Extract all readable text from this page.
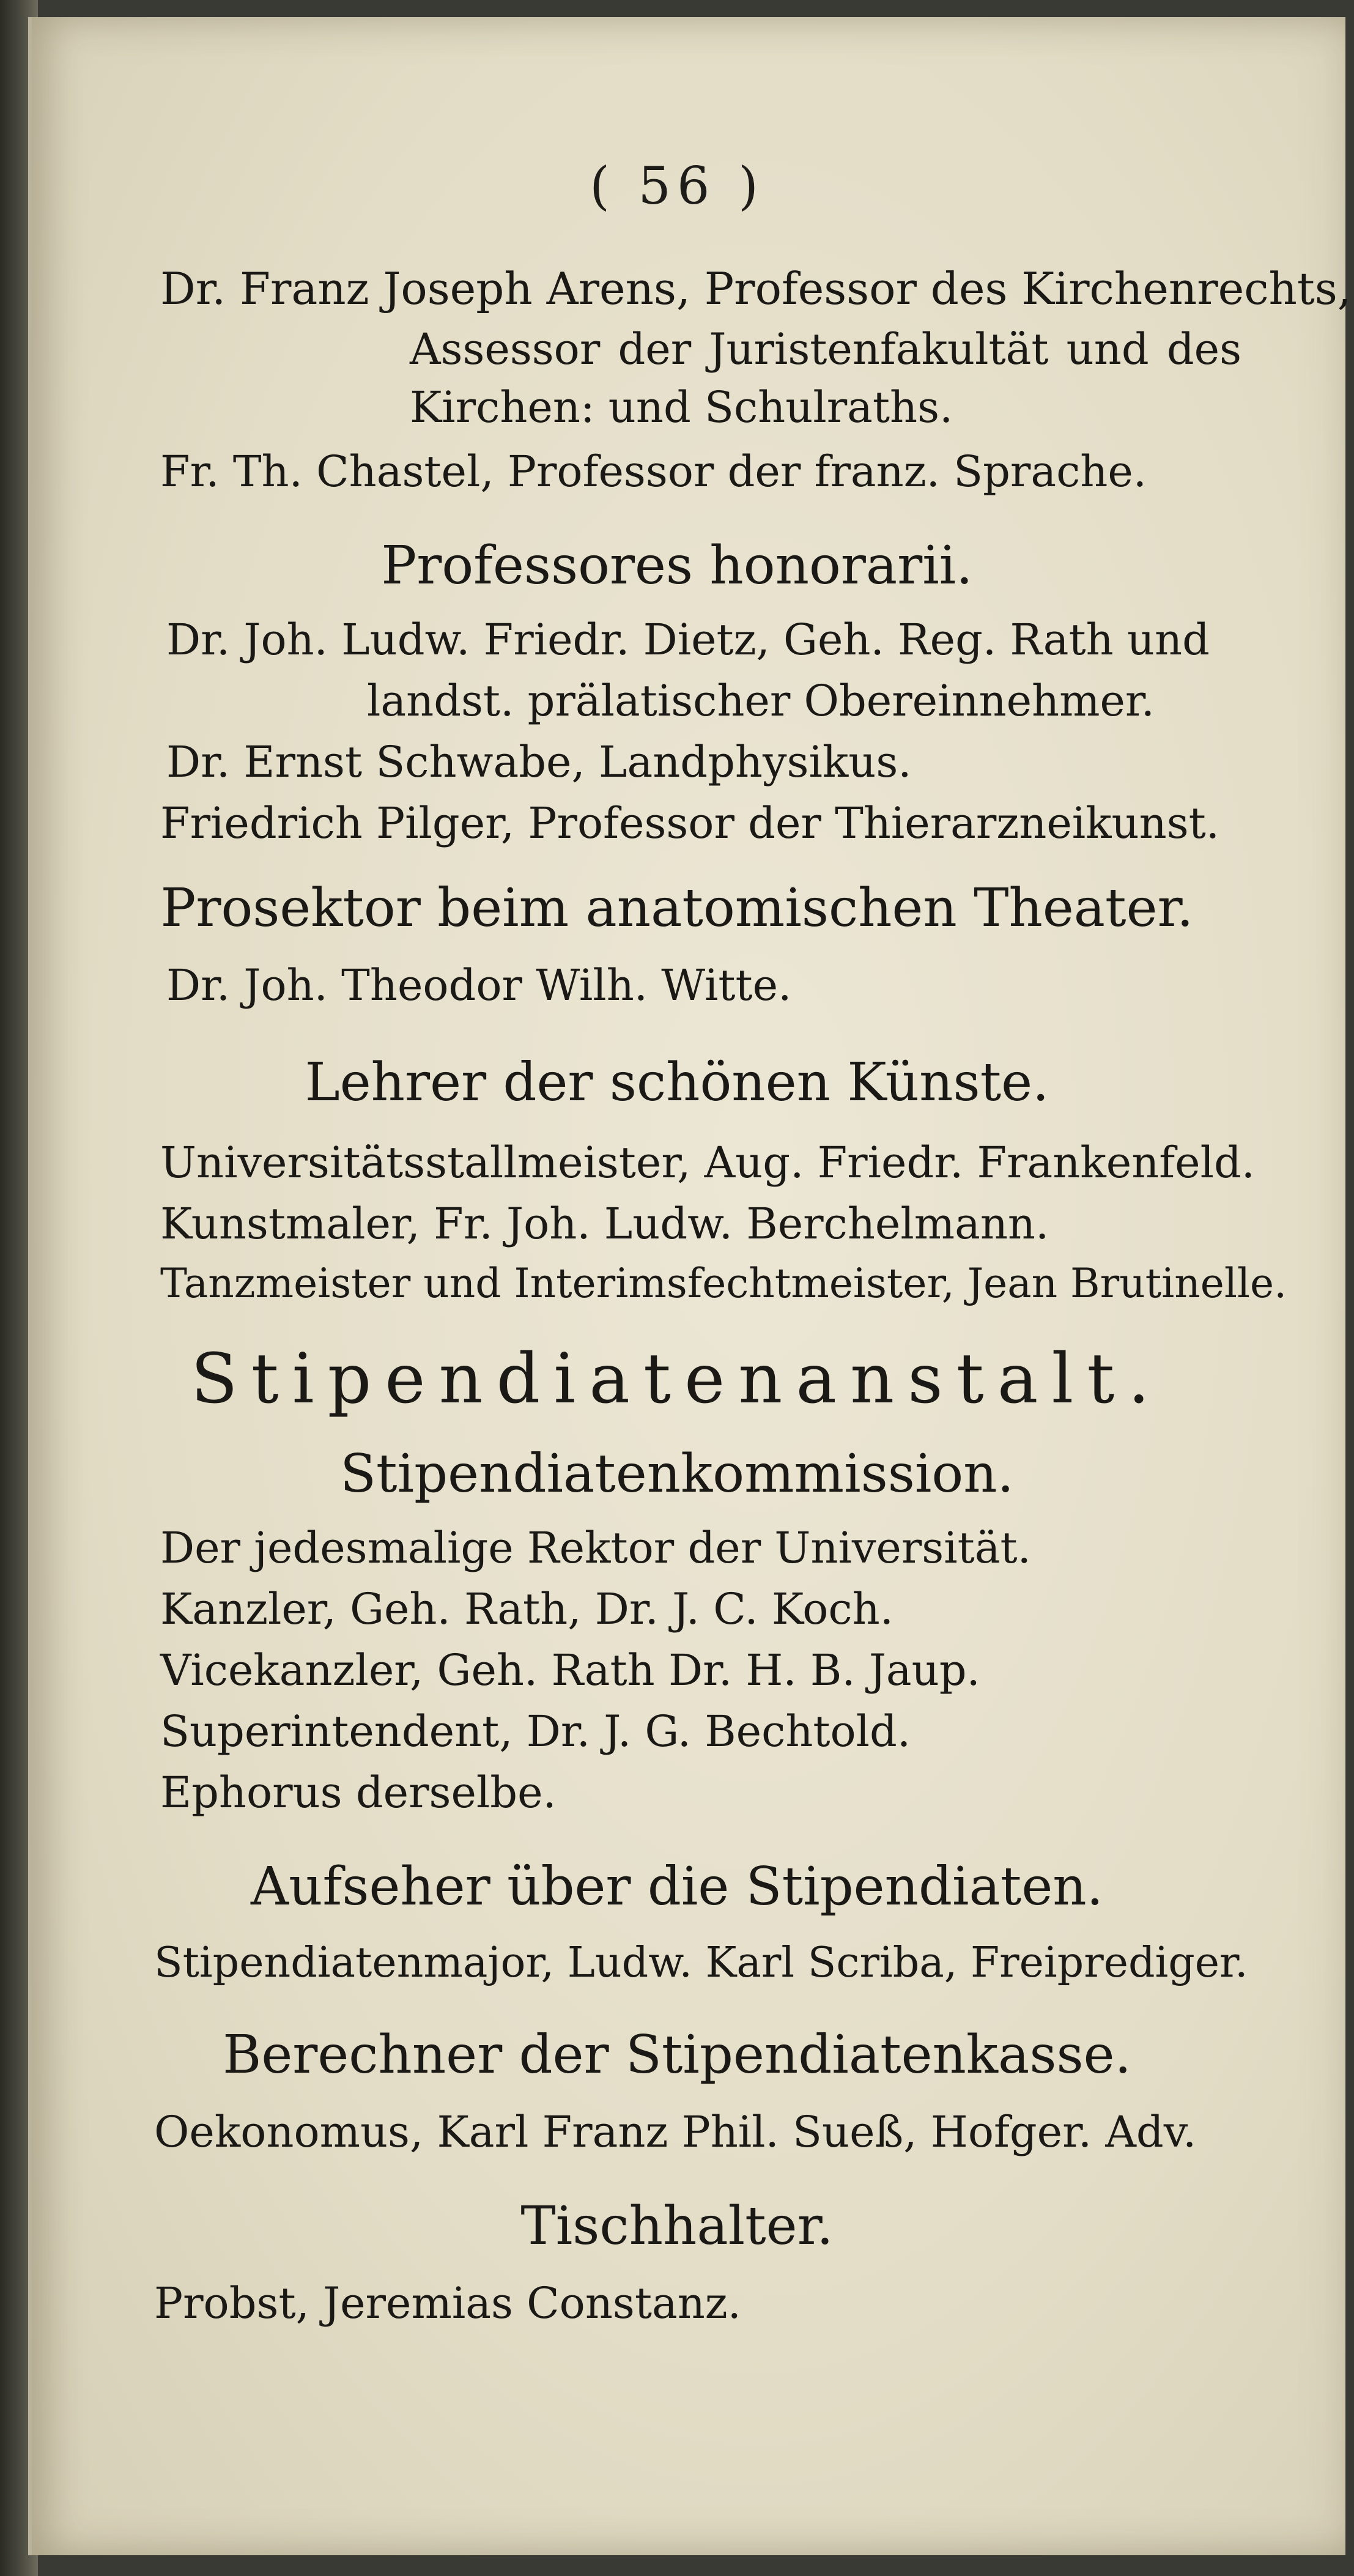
( 56 )
Dr. Franz Joseph Arens, Professor des Kirchenrechts,
Assessor der Juristenfakultät und des
Kirchen: und Schulraths.
Fr. Th. Chastel, Professor der franz. Sprache.
Professores honorarii.
Dr. Joh. Ludw. Friedr. Dietz, Geh. Reg. Rath und
landst. prälatischer Obereinnehmer.
Dr. Ernst Schwabe, Landphysikus.
Friedrich Pilger, Professor der Thierarzneikunst.
Prosektor beim anatomischen Theater.
Dr. Joh. Theodor Wilh. Witte.
Lehrer der schönen Künste.
Universitätsstallmeister, Aug. Friedr. Frankenfeld.
Kunstmaler, Fr. Joh. Ludw. Berchelmann.
Tanzmeister und Interimsfechtmeister, Jean Brutinelle.
Stipendiatenanstalt.
Stipendiatenkommission.
Der jedesmalige Rektor der Universität.
Kanzler, Geh. Rath, Dr. J. C. Koch.
Vicekanzler, Geh. Rath Dr. H. B. Jaup.
Superintendent, Dr. J. G. Bechtold.
Ephorus derselbe.
Aufseher über die Stipendiaten.
Stipendiatenmajor, Ludw. Karl Scriba, Freiprediger.
Berechner der Stipendiatenkasse.
Oekonomus, Karl Franz Phil. Sueß, Hofger. Adv.
Tischhalter.
Probst, Jeremias Constanz.
